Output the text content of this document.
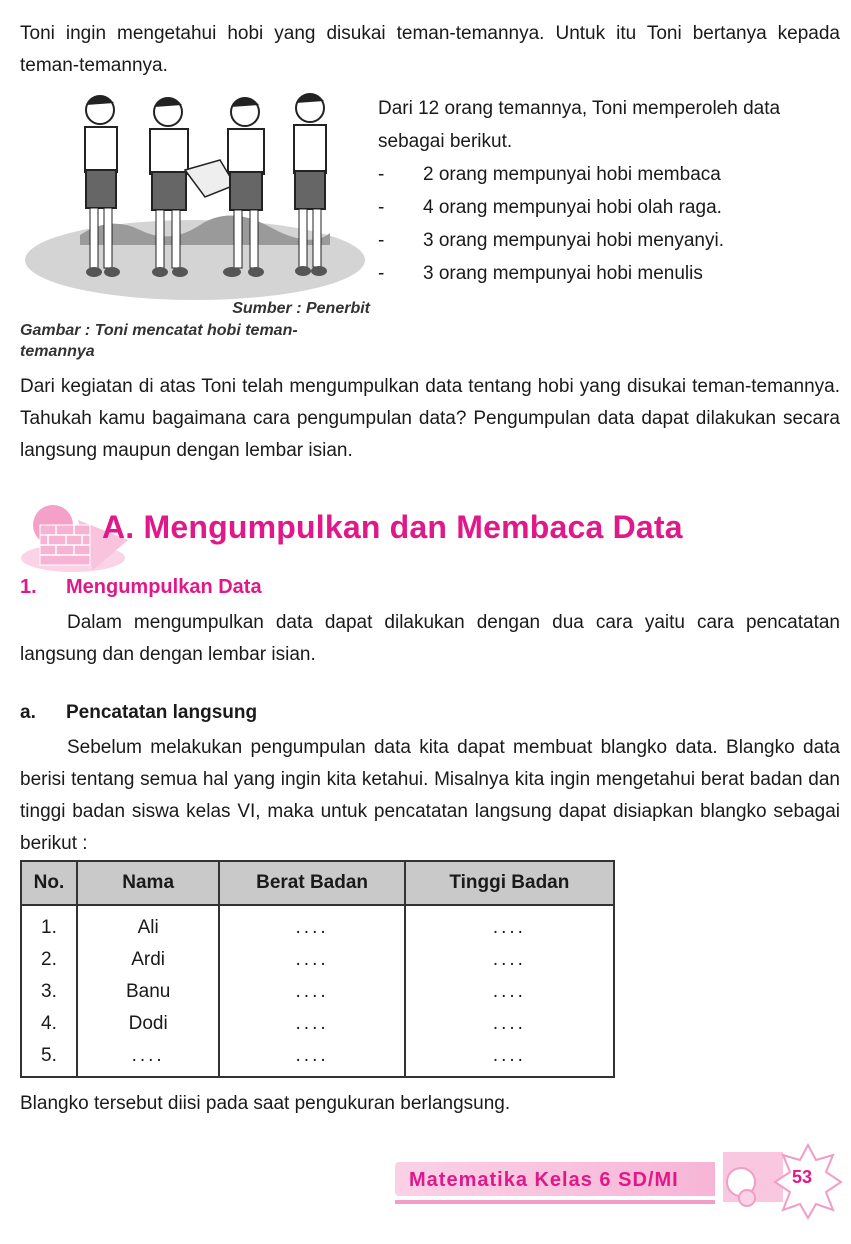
Toni ingin mengetahui hobi yang disukai teman-temannya. Untuk itu Toni bertanya kepada teman-temannya.
Sumber : Penerbit
Gambar : Toni mencatat hobi teman-temannya
Dari 12 orang temannya, Toni memperoleh data sebagai berikut.
-	2 orang mempunyai hobi membaca
-	4 orang mempunyai hobi olah raga.
-	3 orang mempunyai hobi menyanyi.
-	3 orang mempunyai hobi menulis
Dari kegiatan di atas Toni telah mengumpulkan data tentang hobi yang disukai teman-temannya. Tahukah kamu bagaimana cara pengumpulan data? Pengumpulan data dapat dilakukan secara langsung maupun dengan lembar isian.
A. Mengumpulkan dan Membaca Data
1. Mengumpulkan Data
Dalam mengumpulkan data dapat dilakukan dengan dua cara yaitu cara pencatatan langsung dan dengan lembar isian.
a. Pencatatan langsung
Sebelum melakukan pengumpulan data kita dapat membuat blangko data. Blangko data berisi tentang semua hal yang ingin kita ketahui. Misalnya kita ingin mengetahui berat badan dan tinggi badan siswa kelas VI, maka untuk pencatatan langsung dapat disiapkan blangko sebagai berikut :
No.	Nama	Berat Badan	Tinggi Badan
1.	Ali	....	....
2.	Ardi	....	....
3.	Banu	....	....
4.	Dodi	....	....
5.	....	....	....
Blangko tersebut diisi pada saat pengukuran berlangsung.
Matematika Kelas 6 SD/MI	53
